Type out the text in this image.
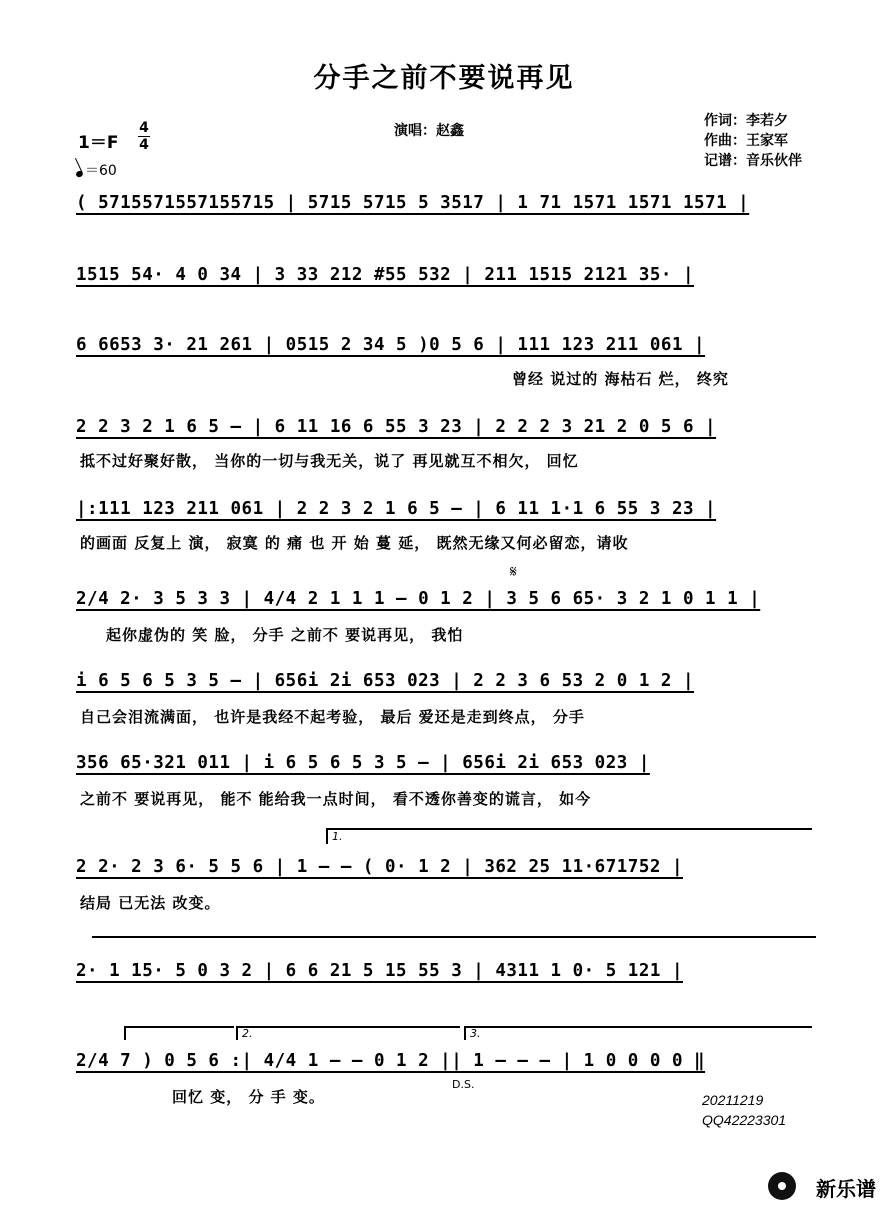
分手之前不要说再见
演唱：赵鑫
作词：李若夕
作曲：王家军
记谱：音乐伙伴
1＝F
4
4
＝60
( 5715571557155715 | 5715 5715 5 3517 | 1 71 1571 1571 1571 |
1515 54· 4 0 34 | 3 33 212 #55 532 | 211 1515 2121 35· |
6 6653 3· 21 261 | 0515 2 34 5 )0 5 6 | 111 123 211 061 |
曾经 说过的 海枯石 烂， 终究
2 2 3 2 1 6 5 – | 6 11 16 6 55 3 23 | 2 2 2 3 21 2 0 5 6 |
抵不过好聚好散， 当你的一切与我无关，说了 再见就互不相欠， 回忆
|:111 123 211 061 | 2 2 3 2 1 6 5 – | 6 11 1·1 6 55 3 23 |
的画面 反复上 演， 寂寞 的 痛 也 开 始 蔓 延， 既然无缘又何必留恋，请收
𝄋
2/4 2· 3 5 3 3 | 4/4 2 1 1 1 – 0 1 2 | 3 5 6 65· 3 2 1 0 1 1 |
起你虚伪的 笑 脸， 分手 之前不 要说再见， 我怕
i 6 5 6 5 3 5 – | 656i 2i 653 023 | 2 2 3 6 53 2 0 1 2 |
自己会泪流满面， 也许是我经不起考验， 最后 爱还是走到终点， 分手
356 65·321 011 | i 6 5 6 5 3 5 – | 656i 2i 653 023 |
之前不 要说再见， 能不 能给我一点时间， 看不透你善变的谎言， 如今
1.
2 2· 2 3 6· 5 5 6 | 1 – – ( 0· 1 2 | 362 25 11·671752 |
结局 已无法 改变。
2· 1 15· 5 0 3 2 | 6 6 21 5 15 55 3 | 4311 1 0· 5 121 |
2.	3.
2/4 7 ) 0 5 6 :| 4/4 1 – – 0 1 2 || 1 – – – | 1 0 0 0 0 ‖
回忆 变， 分 手 变。
D.S.
20211219
QQ42223301
新乐谱
